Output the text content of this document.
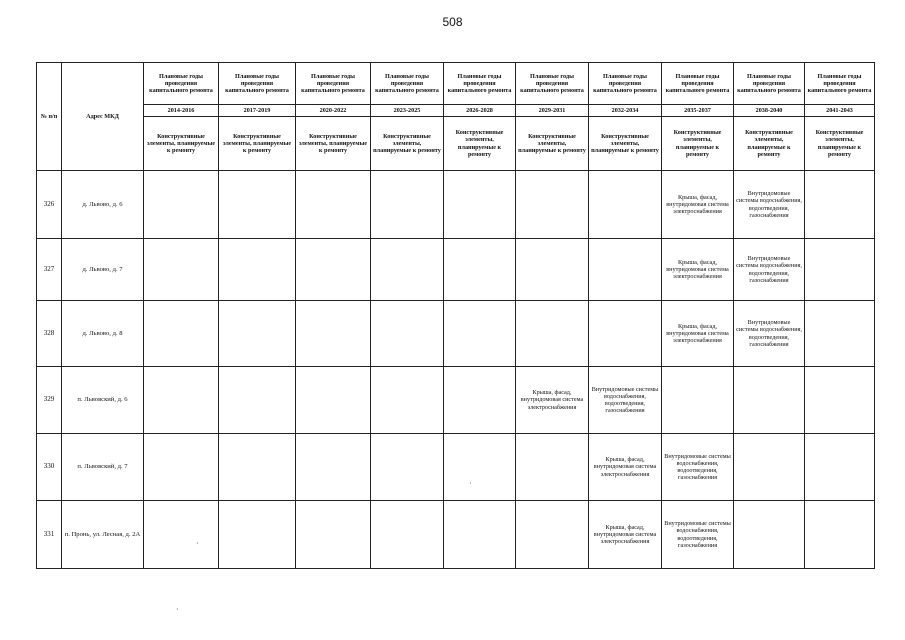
508
№ п/п	Адрес МКД	Плановые годы проведения капитального ремонта	Плановые годы проведения капитального ремонта	Плановые годы проведения капитального ремонта	Плановые годы проведения капитального ремонта	Плановые годы проведения капитального ремонта	Плановые годы проведения капитального ремонта	Плановые годы проведения капитального ремонта	Плановые годы проведения капитального ремонта	Плановые годы проведения капитального ремонта	Плановые годы проведения капитального ремонта
		2014-2016	2017-2019	2020-2022	2023-2025	2026-2028	2029-2031	2032-2034	2035-2037	2038-2040	2041-2043
		Конструктивные элементы, планируемые к ремонту	Конструктивные элементы, планируемые к ремонту	Конструктивные элементы, планируемые к ремонту	Конструктивные элементы, планируемые к ремонту	Конструктивные элементы, планируемые к ремонту	Конструктивные элементы, планируемые к ремонту	Конструктивные элементы, планируемые к ремонту	Конструктивные элементы, планируемые к ремонту	Конструктивные элементы, планируемые к ремонту	Конструктивные элементы, планируемые к ремонту
326	д. Львово, д. 6								Крыша, фасад, внутридомовая система электроснабжения	Внутридомовые системы водоснабжения, водоотведения, газоснабжения	
327	д. Львово, д. 7								Крыша, фасад, внутридомовая система электроснабжения	Внутридомовые системы водоснабжения, водоотведения, газоснабжения	
328	д. Львово, д. 8								Крыша, фасад, внутридомовая система электроснабжения	Внутридомовые системы водоснабжения, водоотведения, газоснабжения	
329	п. Львовский, д. 6						Крыша, фасад, внутридомовая система электроснабжения	Внутридомовые системы водоснабжения, водоотведения, газоснабжения			
330	п. Львовский, д. 7							Крыша, фасад, внутридомовая система электроснабжения	Внутридомовые системы водоснабжения, водоотведения, газоснабжения		
331	п. Пронь, ул. Лесная, д. 2А							Крыша, фасад, внутридомовая система электроснабжения	Внутридомовые системы водоснабжения, водоотведения, газоснабжения		
·
·
·
